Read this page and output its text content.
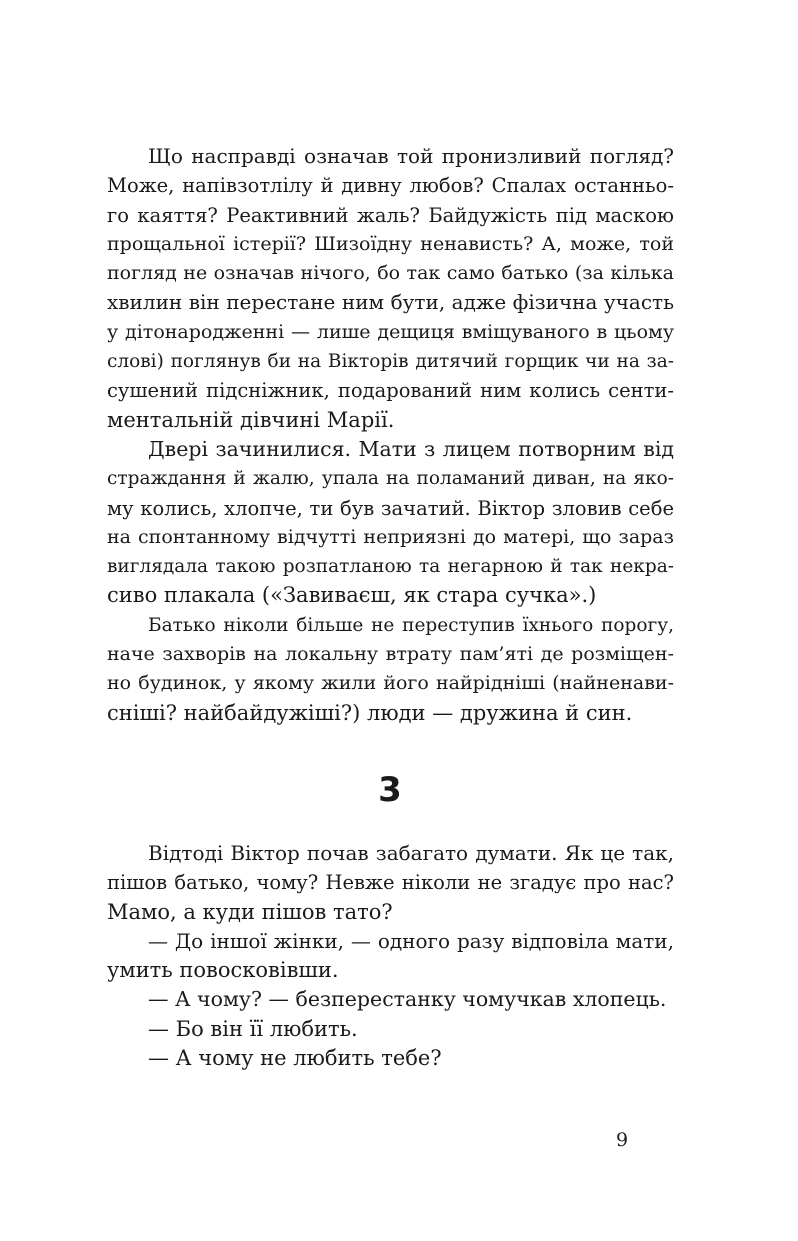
Що насправді означав той пронизливий погляд?
Може, напівзотлілу й дивну любов? Спалах останньо-
го каяття? Реактивний жаль? Байдужість під маскою
прощальної істерії? Шизоїдну ненависть? А, може, той
погляд не означав нічого, бо так само батько (за кілька
хвилин він перестане ним бути, адже фізична участь
у дітонародженні — лише дещиця вміщуваного в цьому
слові) поглянув би на Вікторів дитячий горщик чи на за-
сушений підсніжник, подарований ним колись сенти-
ментальній дівчині Марії.
Двері зачинилися. Мати з лицем потворним від
страждання й жалю, упала на поламаний диван, на яко-
му колись, хлопче, ти був зачатий. Віктор зловив себе
на спонтанному відчутті неприязні до матері, що зараз
виглядала такою розпатланою та негарною й так некра-
сиво плакала («Завиваєш, як стара сучка».)
Батько ніколи більше не переступив їхнього порогу,
наче захворів на локальну втрату пам’яті де розміщен-
но будинок, у якому жили його найрідніші (найненави-
сніші? найбайдужіші?) люди — дружина й син.
3
Відтоді Віктор почав забагато думати. Як це так,
пішов батько, чому? Невже ніколи не згадує про нас?
Мамо, а куди пішов тато?
— До іншої жінки, — одного разу відповіла мати,
умить повосковівши.
— А чому? — безперестанку чомучкав хлопець.
— Бо він її любить.
— А чому не любить тебе?
9
